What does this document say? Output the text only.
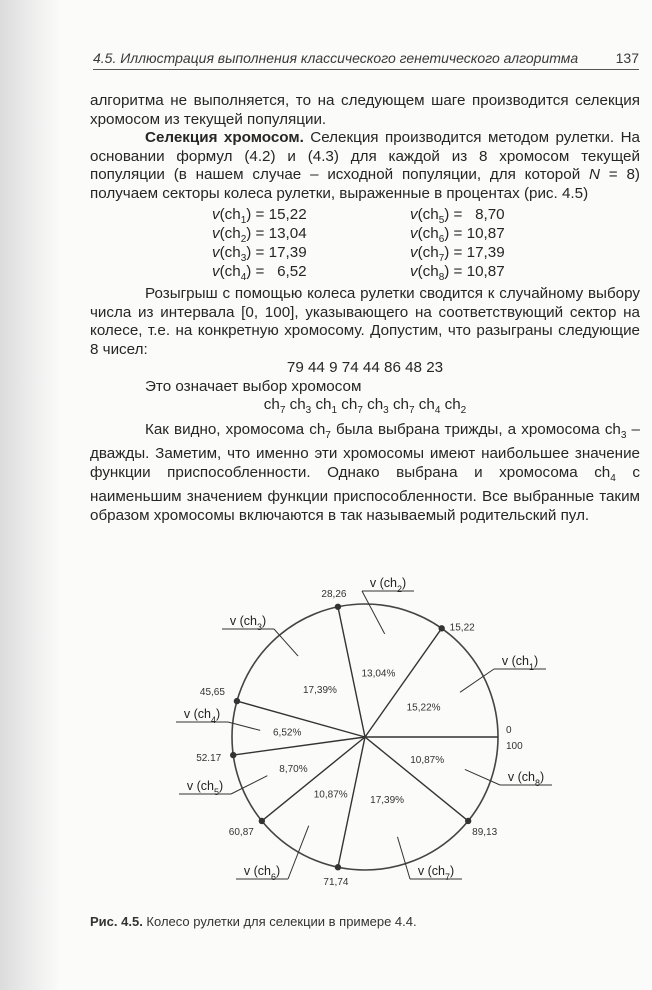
4.5. Иллюстрация выполнения классического генетического алгоритма	137

алгоритма не выполняется, то на следующем шаге производится селекция хромосом из текущей популяции.

Селекция хромосом. Селекция производится методом рулетки. На основании формул (4.2) и (4.3) для каждой из 8 хромосом текущей популяции (в нашем случае – исходной популяции, для которой N = 8) получаем секторы колеса рулетки, выраженные в процентах (рис. 4.5)

$v(ch_1) = 15,22$
$v(ch_2) = 13,04$
$v(ch_3) = 17,39$
$v(ch_4) = 6,52$
$v(ch_5) = 8,70$
$v(ch_6) = 10,87$
$v(ch_7) = 17,39$
$v(ch_8) = 10,87$

Розыгрыш с помощью колеса рулетки сводится к случайному выбору числа из интервала [0, 100], указывающего на соответствующий сектор на колесе, т.е. на конкретную хромосому. Допустим, что разыграны следующие 8 чисел:

79 44 9 74 44 86 48 23

Это означает выбор хромосом

$ch_7$ $ch_3$ $ch_1$ $ch_7$ $ch_3$ $ch_7$ $ch_4$ $ch_2$

Как видно, хромосома $ch_7$ была выбрана трижды, а хромосома $ch_3$ – дважды. Заметим, что именно эти хромосомы имеют наибольшее значение функции приспособленности. Однако выбрана и хромосома $ch_4$ с наименьшим значением функции приспособленности. Все выбранные таким образом хромосомы включаются в так называемый родительский пул.

15,22%
13,04%
17,39%
6,52%
8,70%
10,87%
17,39%
10,87%
0
100
15,22
28,26
45,65
52.17
60,87
71,74
89,13
v $(ch_1)$
v $(ch_2)$
v $(ch_3)$
v $(ch_4)$
v $(ch_5)$
v $(ch_6)$	v $(ch_7)$
v $(ch_8)$
Рис. 4.5. Колесо рулетки для селекции в примере 4.4.
